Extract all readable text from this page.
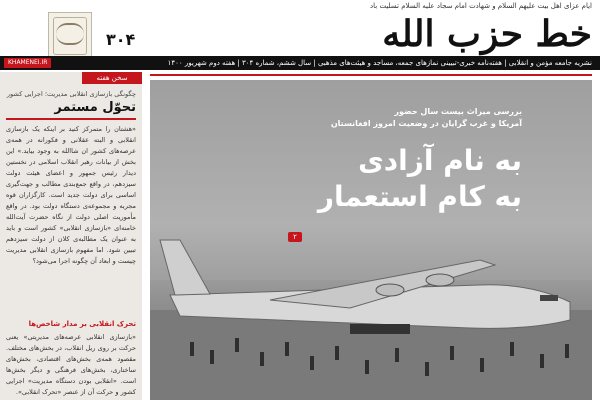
ایام عزای اهل بیت علیهم السلام و شهادت امام سجاد علیه السلام تسلیت باد
۳۰۴	خط حزب الله
نشریه جامعه مؤمن و انقلابی | هفته‌نامه خبری-تبیینی نمازهای جمعه، مساجد و هیئت‌های مذهبی | سال ششم، شماره ۳۰۴ | هفته دوم شهریور ۱۴۰۰
KHAMENEI.IR
سخن هفته
چگونگی بازسازی انقلابی مدیریت؛ اجرایی کشور
تحوّل مستمر
«هشتان را متمرکز کنید بر اینکه یک بازسازی انقلابی و البته عقلانی و فکورانه در همه‌ی عرصه‌های کشور ان شاالله به وجود بیاید.» این بخش از بیانات رهبر انقلاب اسلامی در نخستین دیدار رئیس جمهور و اعضای هیئت دولت سیزدهم، در واقع جمع‌بندی مطالب و جهت‌گیری اساسی برای دولت جدید است. کارگزاران قوه مجریه و مجموعه‌ی دستگاه دولت بود. در واقع مأموریت اصلی دولت از نگاه حضرت آیت‌الله خامنه‌ای «بازسازی انقلابی» کشور است و باید به عنوان یک مطالبه‌ی کلان از دولت سیزدهم تبیین شود. اما مفهوم بازسازی انقلابی مدیریت چیست و ابعاد آن چگونه اجرا می‌شود؟
تحرک انقلابی بر مدار شاخص‌ها
«بازسازی انقلابی عرصه‌های مدیریتی» یعنی حرکت بر روی ریل انقلاب، در بخش‌های مختلف. مقصود همه‌ی بخش‌های اقتصادی، بخش‌های ساختاری، بخش‌های فرهنگی و دیگر بخش‌ها است. «انقلابی بودن دستگاه مدیریت» اجرایی کشور و حرکت آن از عنصر «تحرک انقلابی».
بررسی میراث بیست سال حضور
آمریکا و غرب گرایان در وضعیت امروز افغانستان
به نام آزادی
به کام استعمار
۲
